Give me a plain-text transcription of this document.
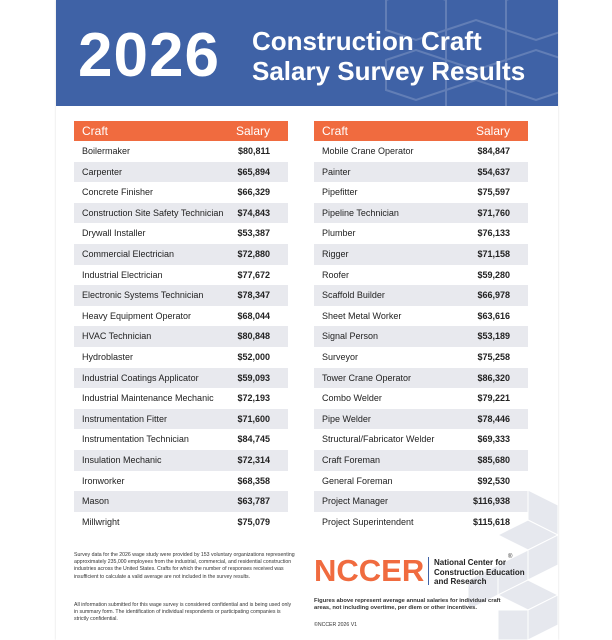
2026 Construction Craft
Salary Survey Results
Craft	Salary
Boilermaker	$80,811
Carpenter	$65,894
Concrete Finisher	$66,329
Construction Site Safety Technician $74,843
Drywall Installer	$53,387
Commercial Electrician	$72,880
Industrial Electrician	$77,672
Electronic Systems Technician	$78,347
Heavy Equipment Operator	$68,044
HVAC Technician	$80,848
Hydroblaster	$52,000
Industrial Coatings Applicator	$59,093
Industrial Maintenance Mechanic	$72,193
Instrumentation Fitter	$71,600
Instrumentation Technician	$84,745
Insulation Mechanic	$72,314
Ironworker	$68,358
Mason	$63,787
Millwright	$75,079
Craft	Salary
Mobile Crane Operator	$84,847
Painter	$54,637
Pipefitter	$75,597
Pipeline Technician	$71,760
Plumber	$76,133
Rigger	$71,158
Roofer	$59,280
Scaffold Builder	$66,978
Sheet Metal Worker	$63,616
Signal Person	$53,189
Surveyor	$75,258
Tower Crane Operator	$86,320
Combo Welder	$79,221
Pipe Welder	$78,446
Structural/Fabricator Welder	$69,333
Craft Foreman	$85,680
General Foreman	$92,530
Project Manager	$116,938
Project Superintendent	$115,618
Survey data for the 2026 wage study were provided by 153 voluntary organizations representing approximately 235,000 employees from the industrial, commercial, and residential construction industries across the United States. Crafts for which the number of responses received was insufficient to calculate a valid average are not included in the survey results.
All information submitted for this wage survey is considered confidential and is being used only in summary form. The identification of individual respondents or participating companies is strictly confidential.
NCCER National Center for
Construction Education
and Research
®
Figures above represent average annual salaries for individual craft areas, not including overtime, per diem or other incentives.
©NCCER 2026 V1
